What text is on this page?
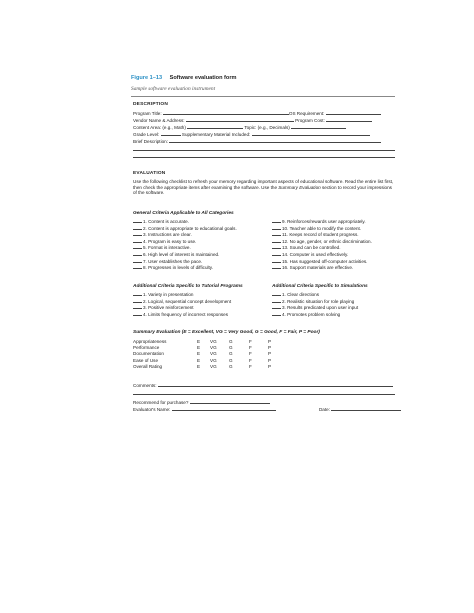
Figure 1–13 Software evaluation form
Sample software evaluation instrument
DESCRIPTION
Program Title:	OS Requirement:
Vendor Name & Address:	Program Cost:
Content Area: (e.g., Math)	Topic: (e.g., Decimals)
Grade Level:	Supplementary Material Included:
Brief Description:
EVALUATION
Use the following checklist to refresh your memory regarding important aspects of educational software. Read the entire list first, then check the appropriate items after examining the software. Use the Summary Evaluation section to record your impressions of the software.
General Criteria Applicable to All Categories
Additional Criteria Specific to Tutorial Programs	Additional Criteria Specific to Simulations
Summary Evaluation (E = Excellent, VG = Very Good, G = Good, F = Fair, P = Poor)
Comments:
Recommend for purchase?
Evaluator's Name:	Date:
1. Content is accurate.
2. Content is appropriate to educational goals.
3. Instructions are clear.
4. Program is easy to use.
5. Format is interactive.
6. High level of interest is maintained.
7. User establishes the pace.
8. Progresses in levels of difficulty.
9. Reinforces/rewards user appropriately.
10. Teacher able to modify the content.
11. Keeps record of student progress.
12. No age, gender, or ethnic discrimination.
13. Sound can be controlled.
14. Computer is used effectively.
15. Has suggested off-computer activities.
16. Support materials are effective.
1. Variety in presentation
2. Logical, sequential concept development
3. Positive reinforcement
4. Limits frequency of incorrect responses
1. Clear directions
2. Realistic situation for role playing
3. Results predicated upon user input
4. Promotes problem solving
Appropriateness	E VG	G	F	P
Performance	E VG	G	F	P
Documentation	E VG	G	F	P
Ease of Use	E VG	G	F	P
Overall Rating	E VG	G	F	P
